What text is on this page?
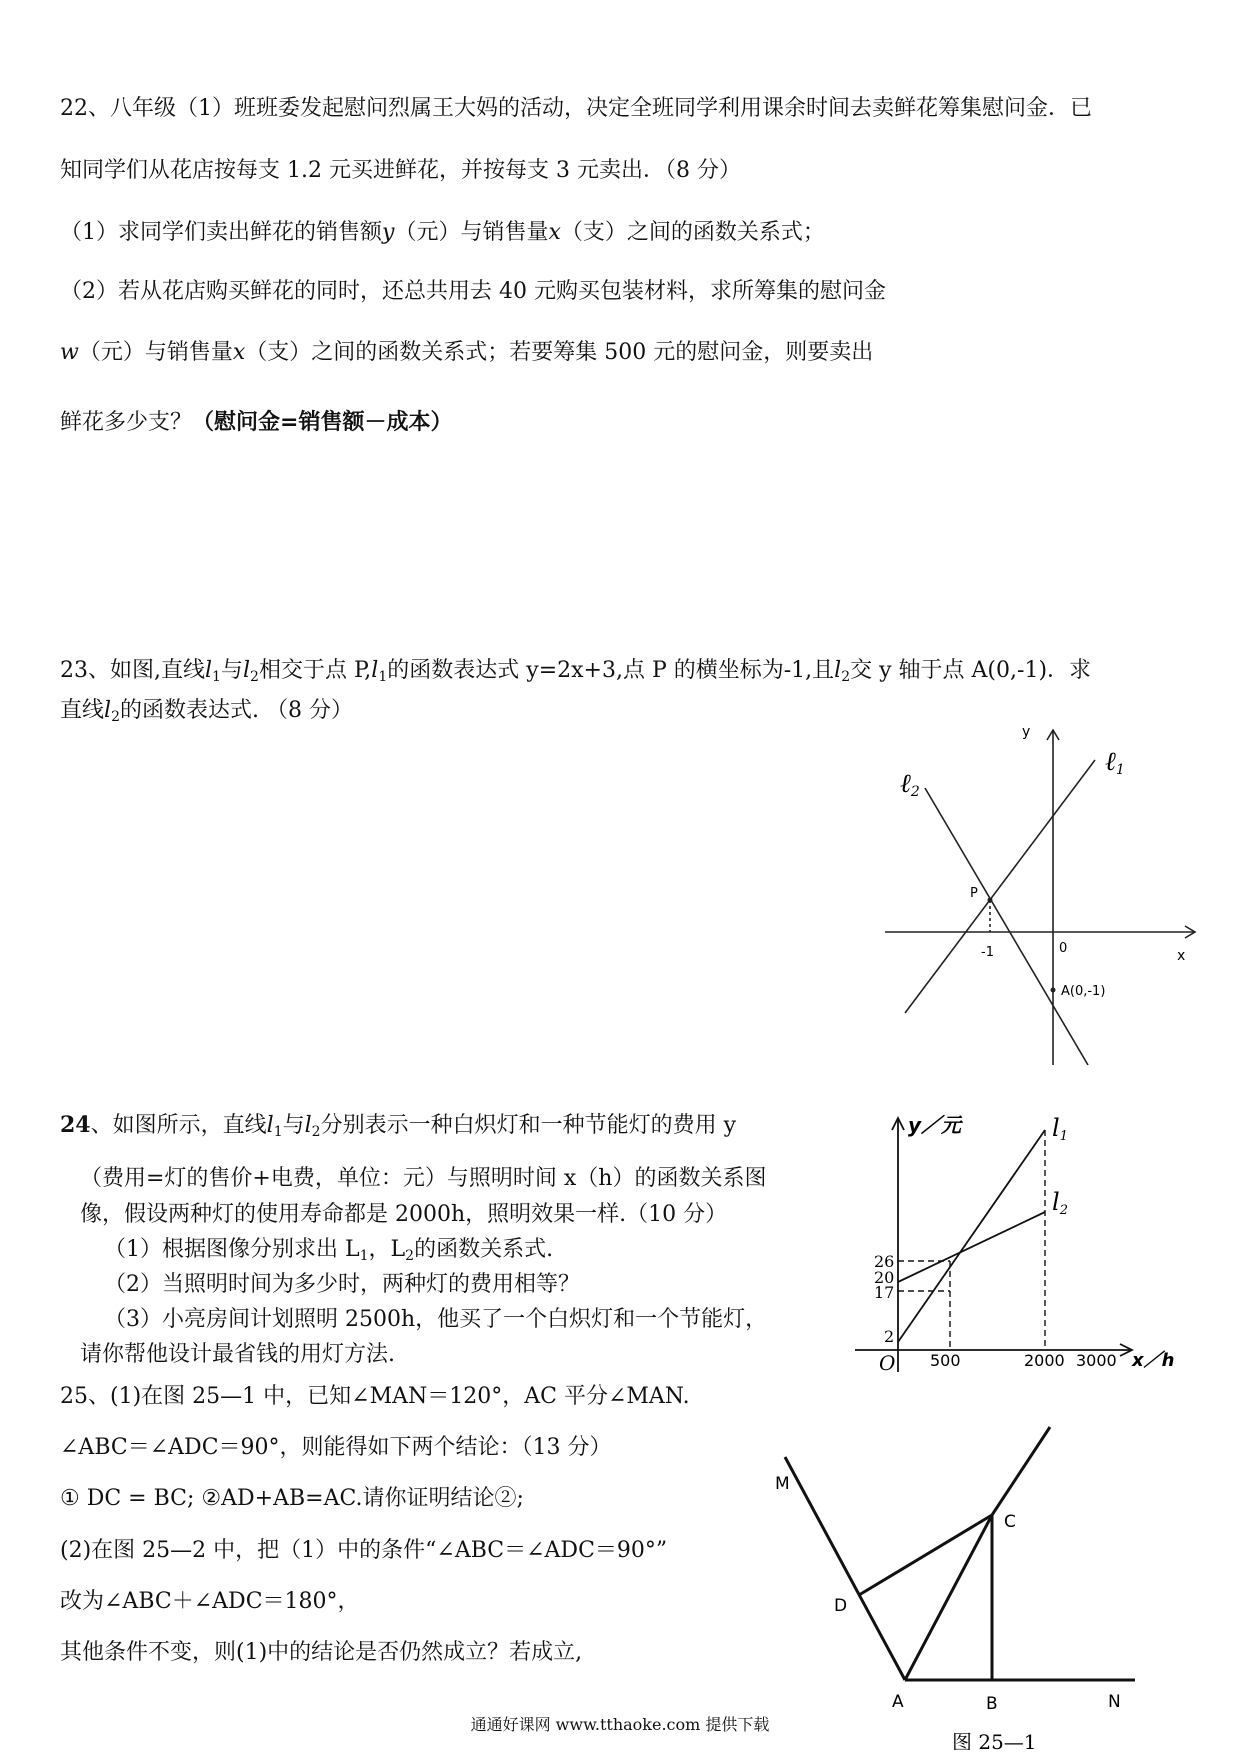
22、八年级（1）班班委发起慰问烈属王大妈的活动，决定全班同学利用课余时间去卖鲜花筹集慰问金．已
知同学们从花店按每支 1.2 元买进鲜花，并按每支 3 元卖出．（8 分）
（1）求同学们卖出鲜花的销售额y（元）与销售量x（支）之间的函数关系式；
（2）若从花店购买鲜花的同时，还总共用去 40 元购买包装材料，求所筹集的慰问金
w（元）与销售量x（支）之间的函数关系式；若要筹集 500 元的慰问金，则要卖出
鲜花多少支？（慰问金=销售额－成本）
23、如图,直线$l_1$与$l_2$相交于点 $P,l_1$的函数表达式 y=2x+3,点 P 的横坐标为-1,且$l_2$交 y 轴于点 A(0,-1)．求
直线$l_2$的函数表达式. （8 分）
y
x
ℓ1
ℓ2
P
-1	0
A(0,-1)
24、如图所示，直线$l_1$与$l_2$分别表示一种白炽灯和一种节能灯的费用 y
（费用=灯的售价+电费，单位：元）与照明时间 x（h）的函数关系图
像，假设两种灯的使用寿命都是 2000h，照明效果一样.（10 分）
（1）根据图像分别求出 $L_1$，$L_2$的函数关系式.
（2）当照明时间为多少时，两种灯的费用相等？
（3）小亮房间计划照明 2500h，他买了一个白炽灯和一个节能灯，
请你帮他设计最省钱的用灯方法.
y／元	l1
l2
26
20
17
2
O 500	2000 3000 x／h
25、(1)在图 25—1 中，已知∠MAN＝120°，AC 平分∠MAN.
∠ABC＝∠ADC＝90°，则能得如下两个结论：（13 分）
① DC = BC; ②AD+AB=AC.请你证明结论②;
(2)在图 25—2 中，把（1）中的条件“∠ABC＝∠ADC＝90°”
改为∠ABC＋∠ADC＝180°，
其他条件不变，则(1)中的结论是否仍然成立？若成立,
M
C
D
A	B	N
图 25—1
通通好课网 www.tthaoke.com 提供下载
